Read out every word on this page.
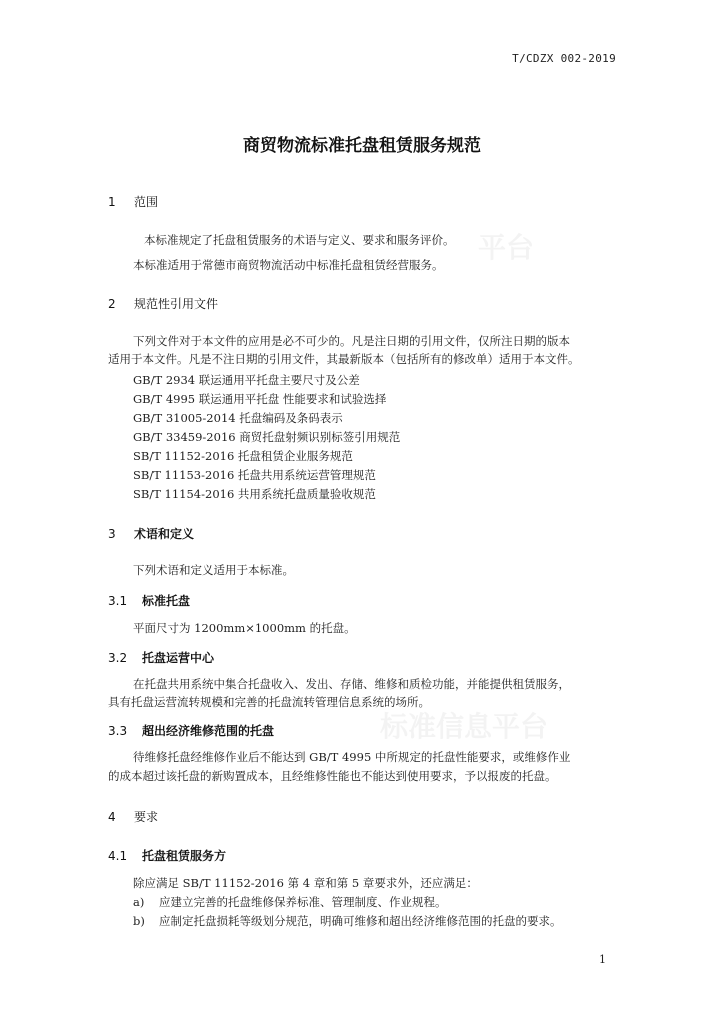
平台
标准信息平台
T/CDZX 002-2019
商贸物流标准托盘租赁服务规范
1 范围
本标准规定了托盘租赁服务的术语与定义、要求和服务评价。
本标准适用于常德市商贸物流活动中标准托盘租赁经营服务。
2 规范性引用文件
下列文件对于本文件的应用是必不可少的。凡是注日期的引用文件，仅所注日期的版本
适用于本文件。凡是不注日期的引用文件，其最新版本（包括所有的修改单）适用于本文件。
GB/T 2934 联运通用平托盘主要尺寸及公差
GB/T 4995 联运通用平托盘 性能要求和试验选择
GB/T 31005-2014 托盘编码及条码表示
GB/T 33459-2016 商贸托盘射频识别标签引用规范
SB/T 11152-2016 托盘租赁企业服务规范
SB/T 11153-2016 托盘共用系统运营管理规范
SB/T 11154-2016 共用系统托盘质量验收规范
3 术语和定义
下列术语和定义适用于本标准。
3.1 标准托盘
平面尺寸为 1200mm×1000mm 的托盘。
3.2 托盘运营中心
在托盘共用系统中集合托盘收入、发出、存储、维修和质检功能，并能提供租赁服务，
具有托盘运营流转规模和完善的托盘流转管理信息系统的场所。
3.3 超出经济维修范围的托盘
待维修托盘经维修作业后不能达到 GB/T 4995 中所规定的托盘性能要求，或维修作业
的成本超过该托盘的新购置成本，且经维修性能也不能达到使用要求，予以报废的托盘。
4 要求
4.1 托盘租赁服务方
除应满足 SB/T 11152-2016 第 4 章和第 5 章要求外，还应满足：
a) 应建立完善的托盘维修保养标准、管理制度、作业规程。
b) 应制定托盘损耗等级划分规范，明确可维修和超出经济维修范围的托盘的要求。
1
